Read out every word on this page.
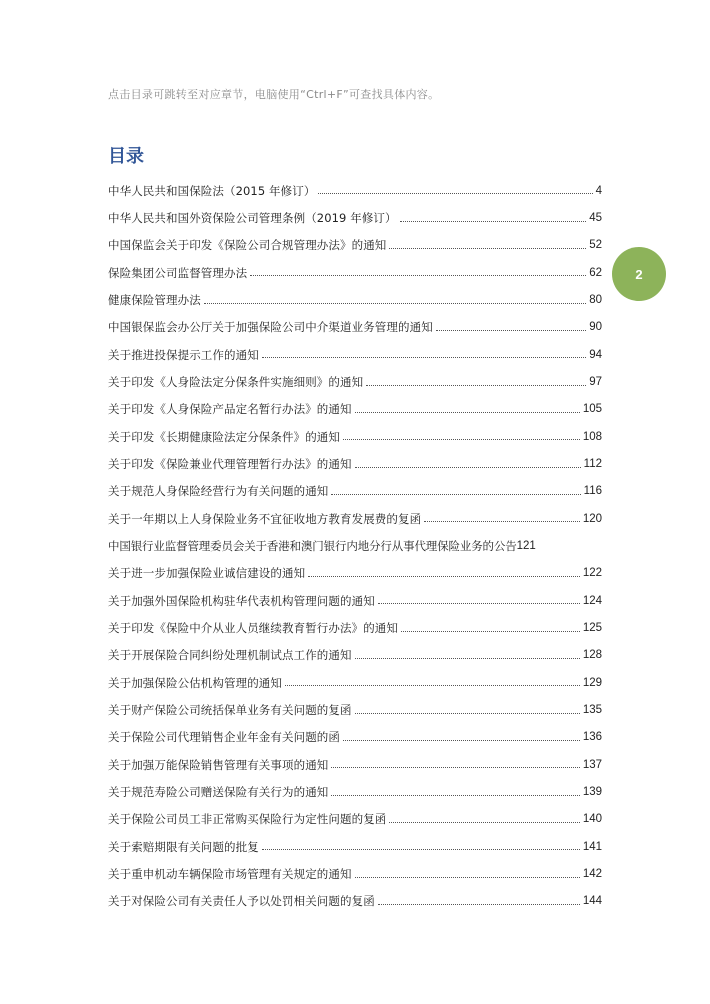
点击目录可跳转至对应章节，电脑使用“Ctrl+F”可查找具体内容。
目录
2
中华人民共和国保险法（2015 年修订）	4
中华人民共和国外资保险公司管理条例（2019 年修订）	45
中国保监会关于印发《保险公司合规管理办法》的通知	52
保险集团公司监督管理办法	62
健康保险管理办法	80
中国银保监会办公厅关于加强保险公司中介渠道业务管理的通知	90
关于推进投保提示工作的通知	94
关于印发《人身险法定分保条件实施细则》的通知	97
关于印发《人身保险产品定名暂行办法》的通知	105
关于印发《长期健康险法定分保条件》的通知	108
关于印发《保险兼业代理管理暂行办法》的通知	112
关于规范人身保险经营行为有关问题的通知	116
关于一年期以上人身保险业务不宜征收地方教育发展费的复函	120
中国银行业监督管理委员会关于香港和澳门银行内地分行从事代理保险业务的公告 121
关于进一步加强保险业诚信建设的通知	122
关于加强外国保险机构驻华代表机构管理问题的通知	124
关于印发《保险中介从业人员继续教育暂行办法》的通知	125
关于开展保险合同纠纷处理机制试点工作的通知	128
关于加强保险公估机构管理的通知	129
关于财产保险公司统括保单业务有关问题的复函	135
关于保险公司代理销售企业年金有关问题的函	136
关于加强万能保险销售管理有关事项的通知	137
关于规范寿险公司赠送保险有关行为的通知	139
关于保险公司员工非正常购买保险行为定性问题的复函	140
关于索赔期限有关问题的批复	141
关于重申机动车辆保险市场管理有关规定的通知	142
关于对保险公司有关责任人予以处罚相关问题的复函	144
